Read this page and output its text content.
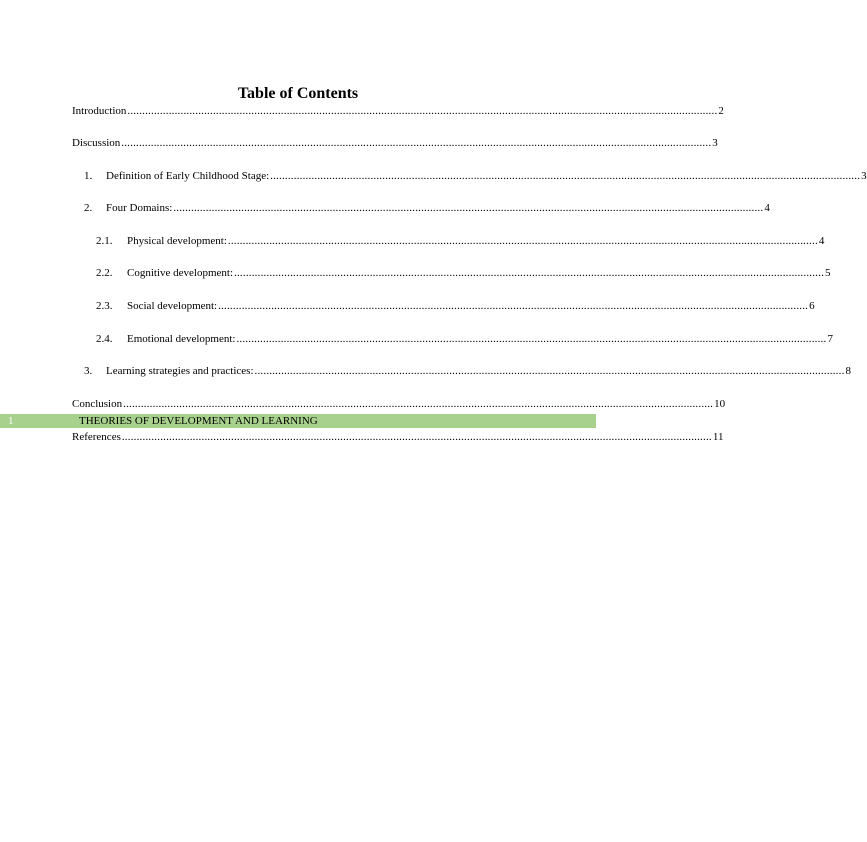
Table of Contents
Introduction ........................................................................................................................................................................................................ 2
Discussion ........................................................................................................................................................................................................ 3
1.	Definition of Early Childhood Stage: ........................................................................................................................................................................................................ 3
2.	Four Domains: ........................................................................................................................................................................................................ 4
2.1.	Physical development: ........................................................................................................................................................................................................ 4
2.2.	Cognitive development: ........................................................................................................................................................................................................ 5
2.3.	Social development: ........................................................................................................................................................................................................ 6
2.4.	Emotional development: ........................................................................................................................................................................................................ 7
3.	Learning strategies and practices: ........................................................................................................................................................................................................ 8
Conclusion ........................................................................................................................................................................................................ 10
1	THEORIES OF DEVELOPMENT AND LEARNING
References ........................................................................................................................................................................................................ 11
